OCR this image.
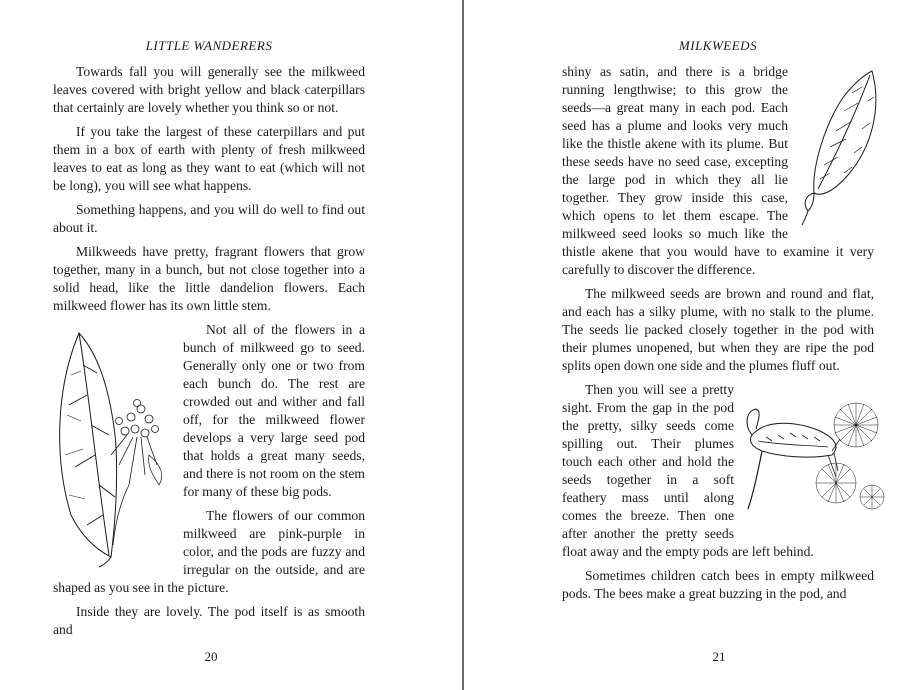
LITTLE WANDERERS

Towards fall you will generally see the milkweed leaves covered with bright yellow and black caterpillars that certainly are lovely whether you think so or not.

If you take the largest of these caterpillars and put them in a box of earth with plenty of fresh milkweed leaves to eat as long as they want to eat (which will not be long), you will see what happens.

Something happens, and you will do well to find out about it.

Milkweeds have pretty, fragrant flowers that grow together, many in a bunch, but not close together into a solid head, like the little dandelion flowers. Each milkweed flower has its own little stem.

Not all of the flowers in a bunch of milkweed go to seed. Generally only one or two from each bunch do. The rest are crowded out and wither and fall off, for the milkweed flower develops a very large seed pod that holds a great many seeds, and there is not room on the stem for many of these big pods.

The flowers of our common milkweed are pink-purple in color, and the pods are fuzzy and irregular on the outside, and are shaped as you see in the picture.

Inside they are lovely. The pod itself is as smooth and

20
MILKWEEDS

shiny as satin, and there is a bridge running lengthwise; to this grow the seeds—a great many in each pod. Each seed has a plume and looks very much like the thistle akene with its plume. But these seeds have no seed case, excepting the large pod in which they all lie together. They grow inside this case, which opens to let them escape. The milkweed seed looks so much like the thistle akene that you would have to examine it very carefully to discover the difference.

The milkweed seeds are brown and round and flat, and each has a silky plume, with no stalk to the plume. The seeds lie packed closely together in the pod with their plumes unopened, but when they are ripe the pod splits open down one side and the plumes fluff out.

Then you will see a pretty sight. From the gap in the pod the pretty, silky seeds come spilling out. Their plumes touch each other and hold the seeds together in a soft feathery mass until along comes the breeze. Then one after another the pretty seeds float away and the empty pods are left behind.

Sometimes children catch bees in empty milkweed pods. The bees make a great buzzing in the pod, and

21
